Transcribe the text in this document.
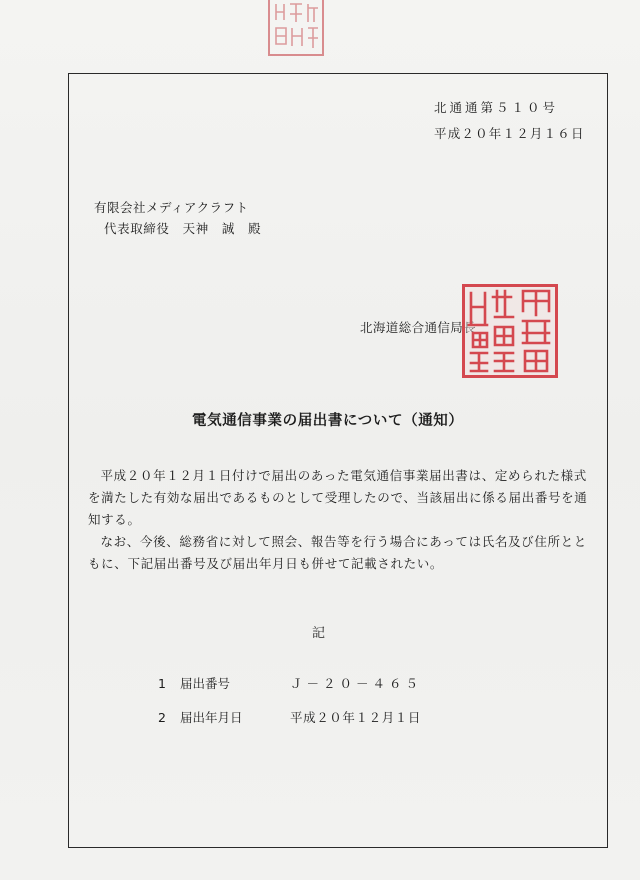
北通通第５１０号
平成２０年１２月１６日
有限会社メディアクラフト
代表取締役　天神　誠　殿
北海道総合通信局長
電気通信事業の届出書について（通知）

平成２０年１２月１日付けで届出のあった電気通信事業届出書は、定められた様式を満たした有効な届出であるものとして受理したので、当該届出に係る届出番号を通知する。

なお、今後、総務省に対して照会、報告等を行う場合にあっては氏名及び住所とともに、下記届出番号及び届出年月日も併せて記載されたい。

記
1 届出番号	Ｊ－２０－４６５
2 届出年月日	平成２０年１２月１日
